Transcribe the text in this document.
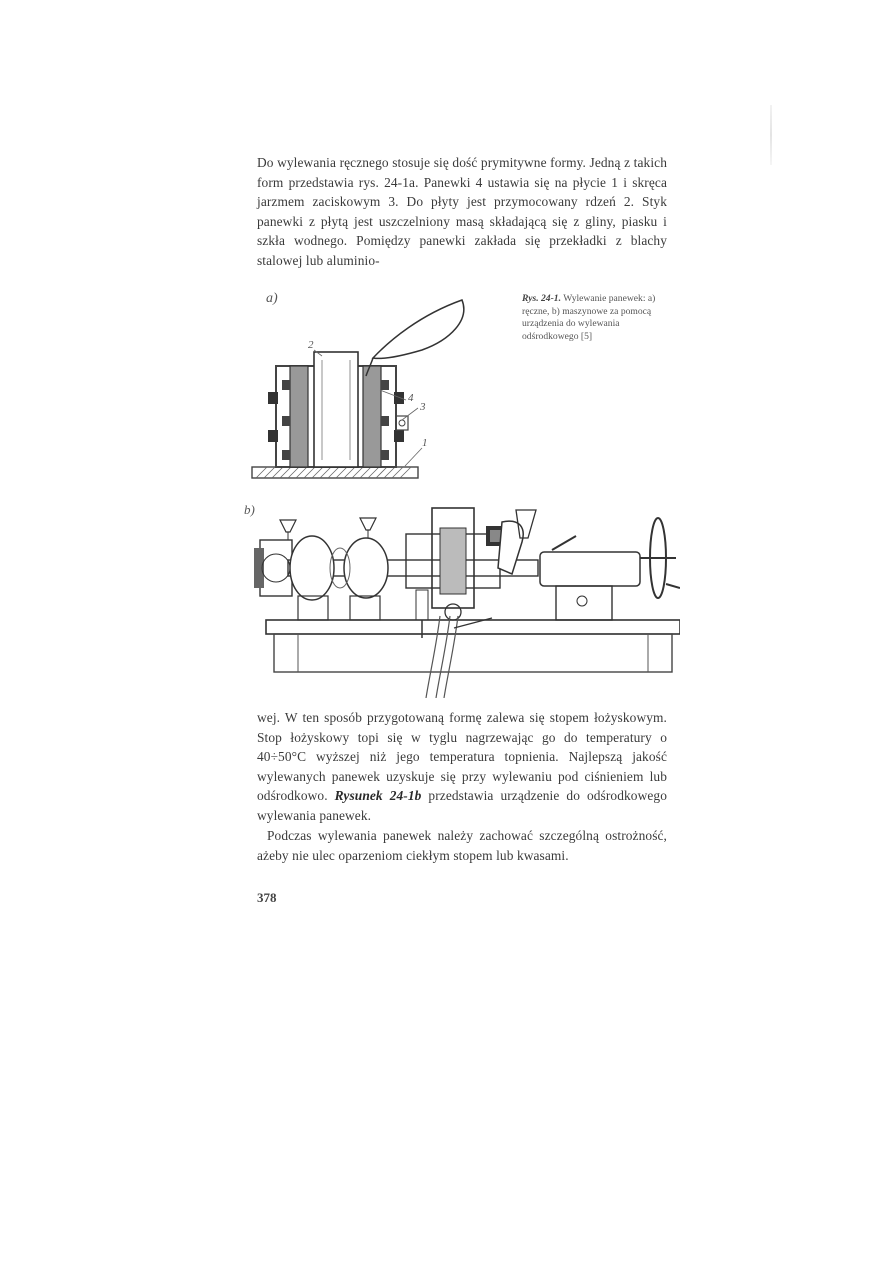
Do wylewania ręcznego stosuje się dość prymitywne formy. Jedną z takich form przedstawia rys. 24-1a. Panewki 4 ustawia się na płycie 1 i skręca jarzmem zaciskowym 3. Do płyty jest przymocowany rdzeń 2. Styk panewki z płytą jest uszczelniony masą składającą się z gliny, piasku i szkła wodnego. Pomiędzy panewki zakłada się przekładki z blachy stalowej lub aluminio-

a)
2
4
3
1

Rys. 24-1. Wylewanie panewek: a) ręczne, b) maszynowe za pomocą urządzenia do wylewania odśrodkowego [5]

b)

wej. W ten sposób przygotowaną formę zalewa się stopem łożyskowym. Stop łożyskowy topi się w tyglu nagrzewając go do temperatury o 40÷50°C wyższej niż jego temperatura topnienia. Najlepszą jakość wylewanych panewek uzyskuje się przy wylewaniu pod ciśnieniem lub odśrodkowo. Rysunek 24-1b przedstawia urządzenie do odśrodkowego wylewania panewek.

Podczas wylewania panewek należy zachować szczególną ostrożność, ażeby nie ulec oparzeniom ciekłym stopem lub kwasami.

378
